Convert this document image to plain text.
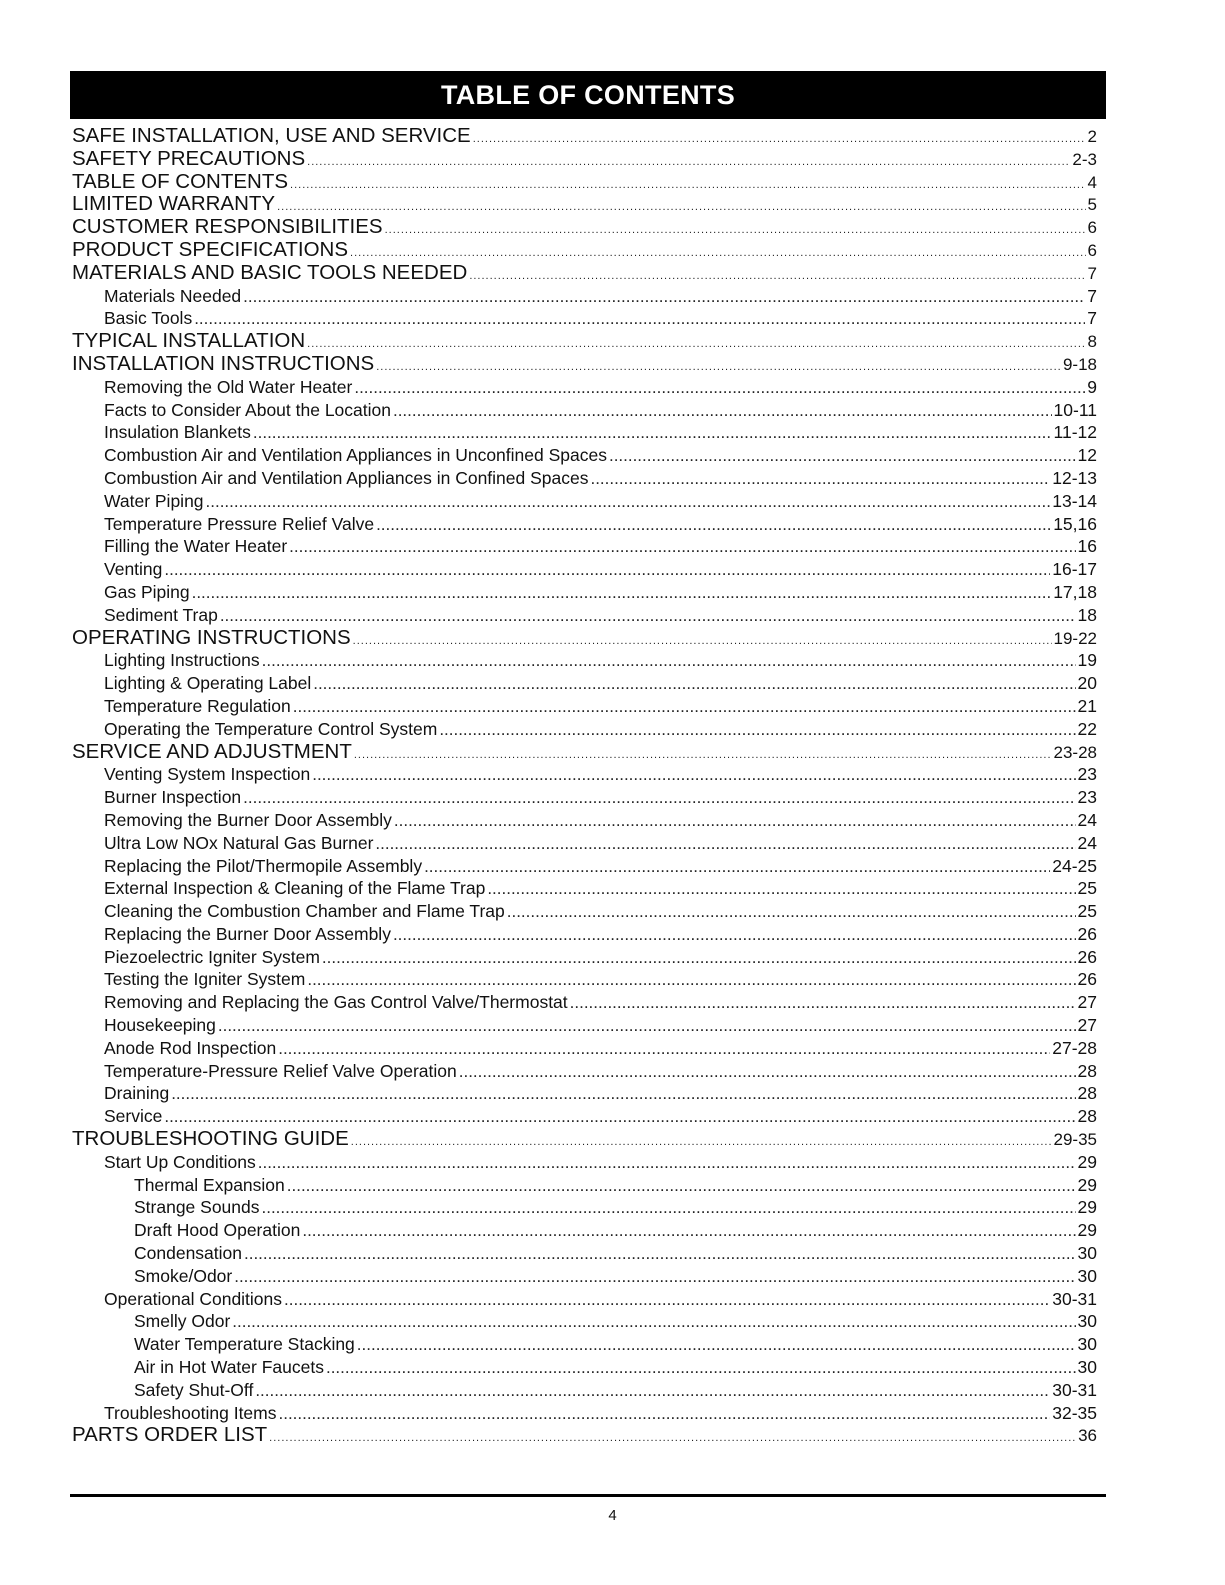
TABLE OF CONTENTS
SAFE INSTALLATION, USE AND SERVICE .....	2
SAFETY PRECAUTIONS .....	2-3
TABLE OF CONTENTS .....	4
LIMITED WARRANTY .....	5
CUSTOMER RESPONSIBILITIES .....	6
PRODUCT SPECIFICATIONS .....	6
MATERIALS AND BASIC TOOLS NEEDED .....	7
Materials Needed .....	7
Basic Tools .....	7
TYPICAL INSTALLATION .....	8
INSTALLATION INSTRUCTIONS .....	9-18
Removing the Old Water Heater .....	9
Facts to Consider About the Location .....	10-11
Insulation Blankets .....	11-12
Combustion Air and Ventilation Appliances in Unconfined Spaces .....	12
Combustion Air and Ventilation Appliances in Confined Spaces .....	12-13
Water Piping .....	13-14
Temperature Pressure Relief Valve .....	15,16
Filling the Water Heater .....	16
Venting .....	16-17
Gas Piping .....	17,18
Sediment Trap .....	18
OPERATING INSTRUCTIONS .....	19-22
Lighting Instructions .....	19
Lighting & Operating Label .....	20
Temperature Regulation .....	21
Operating the Temperature Control System .....	22
SERVICE AND ADJUSTMENT .....	23-28
Venting System Inspection .....	23
Burner Inspection .....	23
Removing the Burner Door Assembly .....	24
Ultra Low NOx Natural Gas Burner .....	24
Replacing the Pilot/Thermopile Assembly .....	24-25
External Inspection & Cleaning of the Flame Trap .....	25
Cleaning the Combustion Chamber and Flame Trap .....	25
Replacing the Burner Door Assembly .....	26
Piezoelectric Igniter System .....	26
Testing the Igniter System .....	26
Removing and Replacing the Gas Control Valve/Thermostat .....	27
Housekeeping .....	27
Anode Rod Inspection .....	27-28
Temperature-Pressure Relief Valve Operation .....	28
Draining .....	28
Service .....	28
TROUBLESHOOTING GUIDE .....	29-35
Start Up Conditions .....	29
Thermal Expansion .....	29
Strange Sounds .....	29
Draft Hood Operation .....	29
Condensation .....	30
Smoke/Odor .....	30
Operational Conditions .....	30-31
Smelly Odor .....	30
Water Temperature Stacking .....	30
Air in Hot Water Faucets .....	30
Safety Shut-Off .....	30-31
Troubleshooting Items .....	32-35
PARTS ORDER LIST .....	36
4
